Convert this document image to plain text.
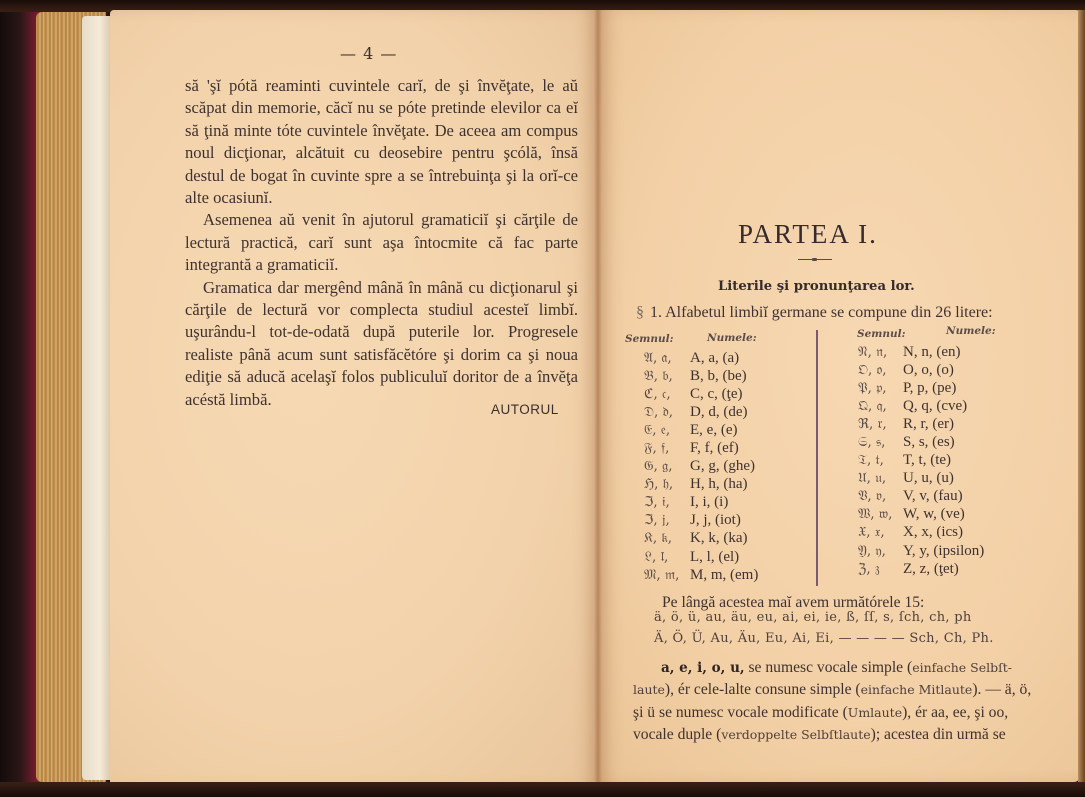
— 4 —

să 'şĭ pótă reaminti cuvintele carĭ, de şi învĕţate, le aŭ scăpat din memorie, căcĭ nu se póte pretinde elevilor ca eĭ să ţină minte tóte cuvintele învĕţate. De aceea am compus noul dicţionar, alcătuit cu deosebire pentru şcólă, însă destul de bogat în cuvinte spre a se întrebuinţa şi la orĭ-ce alte ocasiunĭ.

Asemenea aŭ venit în ajutorul gramaticiĭ şi cărţile de lectură practică, carĭ sunt aşa întocmite că fac parte integrantă a gramaticiĭ.

Gramatica dar mergênd mână în mână cu dicţionarul şi cărţile de lectură vor complecta studiul acesteĭ limbĭ. uşurându-l tot-de-odată după puterile lor. Progresele realiste până acum sunt satisfăcĕtóre şi dorim ca şi noua ediţie să aducă acelaşĭ folos publiculuĭ doritor de a învĕţa acéstă limbă.

AUTORUL
PARTEA I.
Literile şi pronunţarea lor.
§ 1. Alfabetul limbiĭ germane se compune din 26 litere:
Semnul:	Numele:	Semnul:	Numele:
𝔄, 𝔞, A, a, (a)
𝔅, 𝔟, B, b, (be)
ℭ, 𝔠, C, c, (ţe)
𝔇, 𝔡, D, d, (de)
𝔈, 𝔢, E, e, (e)
𝔉, 𝔣, F, f, (ef)
𝔊, 𝔤, G, g, (ghe)
ℌ, 𝔥, H, h, (ha)
ℑ, 𝔦, I, i, (i)
ℑ, 𝔧, J, j, (iot)
𝔎, 𝔨, K, k, (ka)
𝔏, 𝔩, L, l, (el)
𝔐, 𝔪, M, m, (em)
𝔑, 𝔫, N, n, (en)
𝔒, 𝔬, O, o, (o)
𝔓, 𝔭, P, p, (pe)
𝔔, 𝔮, Q, q, (cve)
ℜ, 𝔯, R, r, (er)
𝔖, 𝔰, S, s, (es)
𝔗, 𝔱, T, t, (te)
𝔘, 𝔲, U, u, (u)
𝔙, 𝔳, V, v, (fau)
𝔚, 𝔴, W, w, (ve)
𝔛, 𝔵, X, x, (ics)
𝔜, 𝔶, Y, y, (ipsilon)
ℨ, 𝔷 Z, z, (ţet)
Pe lângă acestea maĭ avem următórele 15:
ä, ö, ü, au, äu, eu, ai, ei, ie, ß, ſſ, s, ſch, ch, ph
Ä, Ö, Ü, Au, Äu, Eu, Ai, Ei, — — — — Sch, Ch, Ph.
a, e, i, o, u, se numesc vocale simple (einfache Selbſt-
laute), ér cele-lalte consune simple (einfache Mitlaute). — ä, ö,
şi ü se numesc vocale modificate (Umlaute), ér aa, ee, şi oo,
vocale duple (verdoppelte Selbſtlaute); acestea din urmă se
